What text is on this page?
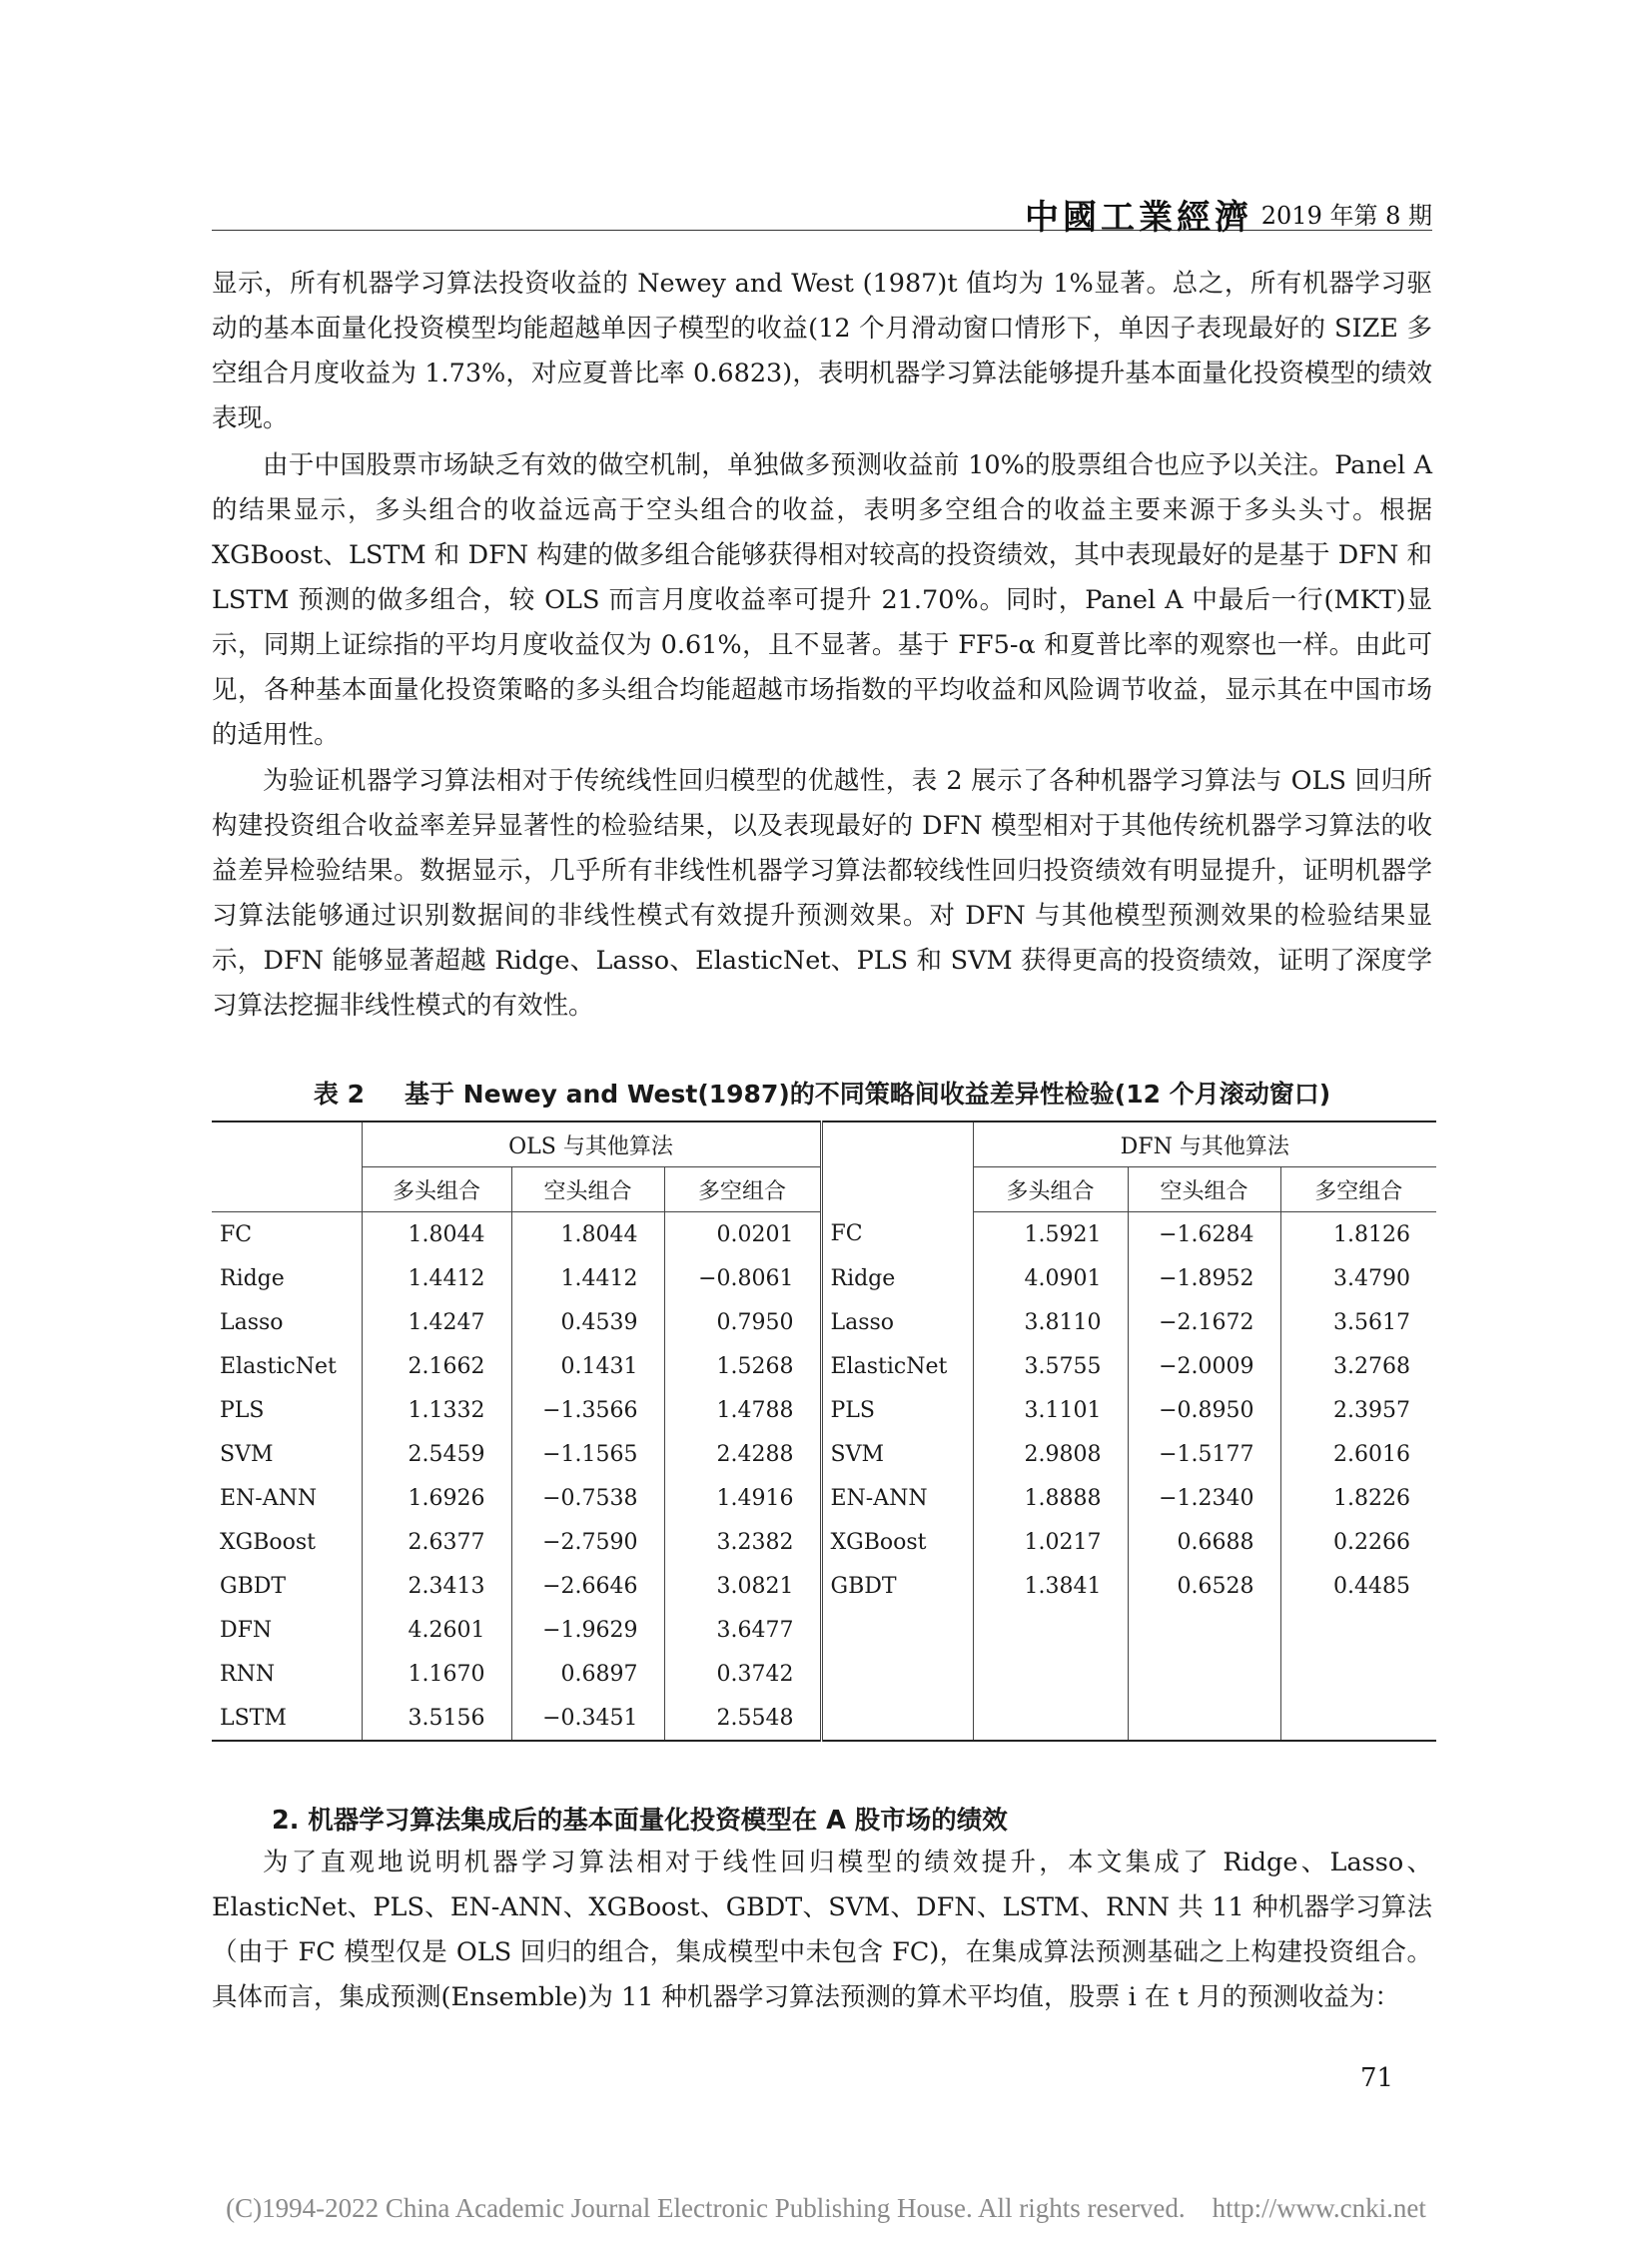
中國工業經濟 2019 年第 8 期

显示，所有机器学习算法投资收益的 Newey and West (1987)t 值均为 1%显著。总之，所有机器学习驱动的基本面量化投资模型均能超越单因子模型的收益(12 个月滑动窗口情形下，单因子表现最好的 SIZE 多空组合月度收益为 1.73%，对应夏普比率 0.6823)，表明机器学习算法能够提升基本面量化投资模型的绩效表现。

由于中国股票市场缺乏有效的做空机制，单独做多预测收益前 10%的股票组合也应予以关注。Panel A 的结果显示，多头组合的收益远高于空头组合的收益，表明多空组合的收益主要来源于多头头寸。根据 XGBoost、LSTM 和 DFN 构建的做多组合能够获得相对较高的投资绩效，其中表现最好的是基于 DFN 和 LSTM 预测的做多组合，较 OLS 而言月度收益率可提升 21.70%。同时，Panel A 中最后一行(MKT)显示，同期上证综指的平均月度收益仅为 0.61%，且不显著。基于 FF5-α 和夏普比率的观察也一样。由此可见，各种基本面量化投资策略的多头组合均能超越市场指数的平均收益和风险调节收益，显示其在中国市场的适用性。

为验证机器学习算法相对于传统线性回归模型的优越性，表 2 展示了各种机器学习算法与 OLS 回归所构建投资组合收益率差异显著性的检验结果，以及表现最好的 DFN 模型相对于其他传统机器学习算法的收益差异检验结果。数据显示，几乎所有非线性机器学习算法都较线性回归投资绩效有明显提升，证明机器学习算法能够通过识别数据间的非线性模式有效提升预测效果。对 DFN 与其他模型预测效果的检验结果显示，DFN 能够显著超越 Ridge、Lasso、ElasticNet、PLS 和 SVM 获得更高的投资绩效，证明了深度学习算法挖掘非线性模式的有效性。

表 2 基于 Newey and West(1987)的不同策略间收益差异性检验(12 个月滚动窗口)
	OLS 与其他算法				DFN 与其他算法		
	多头组合	空头组合	多空组合		多头组合	空头组合	多空组合
FC	1.8044	1.8044	0.0201	FC	1.5921	−1.6284	1.8126
Ridge	1.4412	1.4412	−0.8061	Ridge	4.0901	−1.8952	3.4790
Lasso	1.4247	0.4539	0.7950	Lasso	3.8110	−2.1672	3.5617
ElasticNet	2.1662	0.1431	1.5268	ElasticNet	3.5755	−2.0009	3.2768
PLS	1.1332	−1.3566	1.4788	PLS	3.1101	−0.8950	2.3957
SVM	2.5459	−1.1565	2.4288	SVM	2.9808	−1.5177	2.6016
EN-ANN	1.6926	−0.7538	1.4916	EN-ANN	1.8888	−1.2340	1.8226
XGBoost	2.6377	−2.7590	3.2382	XGBoost	1.0217	0.6688	0.2266
GBDT	2.3413	−2.6646	3.0821	GBDT	1.3841	0.6528	0.4485
DFN	4.2601	−1.9629	3.6477				
RNN	1.1670	0.6897	0.3742				
LSTM	3.5156	−0.3451	2.5548				
2. 机器学习算法集成后的基本面量化投资模型在 A 股市场的绩效

为了直观地说明机器学习算法相对于线性回归模型的绩效提升，本文集成了 Ridge、Lasso、ElasticNet、PLS、EN-ANN、XGBoost、GBDT、SVM、DFN、LSTM、RNN 共 11 种机器学习算法（由于 FC 模型仅是 OLS 回归的组合，集成模型中未包含 FC)，在集成算法预测基础之上构建投资组合。具体而言，集成预测(Ensemble)为 11 种机器学习算法预测的算术平均值，股票 i 在 t 月的预测收益为：

71
(C)1994-2022 China Academic Journal Electronic Publishing House. All rights reserved.    http://www.cnki.net
